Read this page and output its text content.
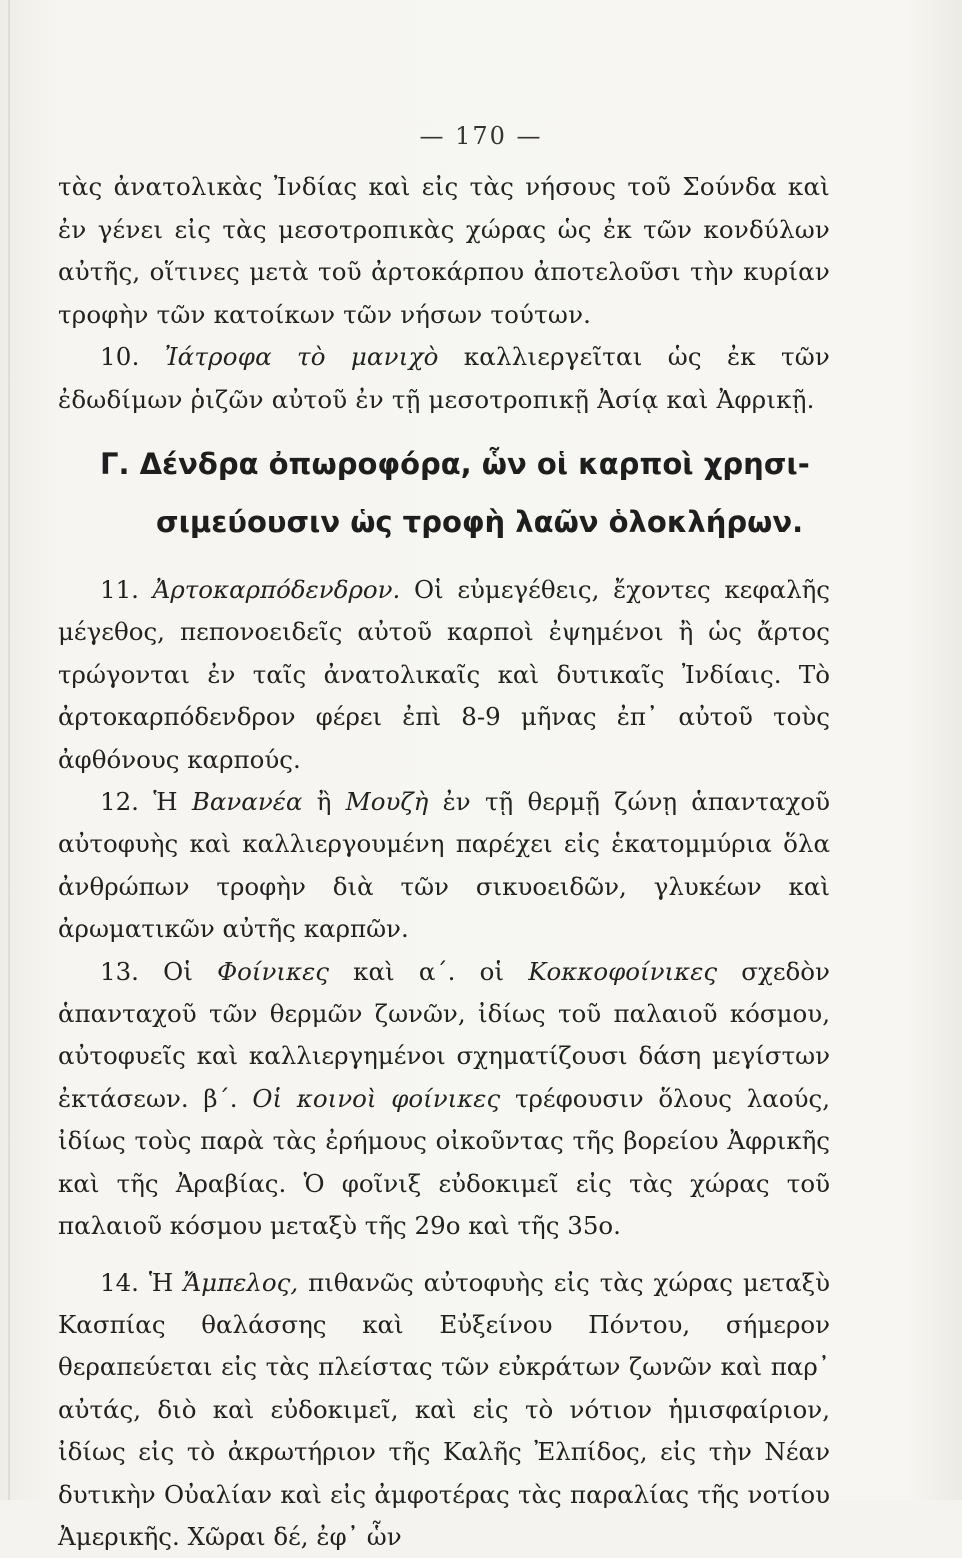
— 170 —

τὰς ἀνατολικὰς Ἰνδίας καὶ εἰς τὰς νήσους τοῦ Σούνδα καὶ ἐν γένει εἰς τὰς μεσοτροπικὰς χώρας ὡς ἐκ τῶν κονδύλων αὐτῆς, οἵτινες μετὰ τοῦ ἀρτοκάρπου ἀποτελοῦσι τὴν κυρίαν τροφὴν τῶν κατοίκων τῶν νήσων τούτων.

10. Ἰάτροφα τὸ μανιχὸ καλλιεργεῖται ὡς ἐκ τῶν ἐδωδίμων ῥιζῶν αὐτοῦ ἐν τῇ μεσοτροπικῇ Ἀσίᾳ καὶ Ἀφρικῇ.

Γ. Δένδρα ὀπωροφόρα, ὧν οἱ καρποὶ χρησι-
σιμεύουσιν ὡς τροφὴ λαῶν ὁλοκλήρων.

11. Ἀρτοκαρπόδενδρον. Οἱ εὐμεγέθεις, ἔχοντες κεφαλῆς μέγεθος, πεπονοειδεῖς αὐτοῦ καρποὶ ἐψημένοι ἢ ὡς ἄρτος τρώγονται ἐν ταῖς ἀνατολικαῖς καὶ δυτικαῖς Ἰνδίαις. Τὸ ἀρτοκαρπόδενδρον φέρει ἐπὶ 8-9 μῆνας ἐπ᾽ αὐτοῦ τοὺς ἀφθόνους καρπούς.

12. Ἡ Βανανέα ἢ Μουζὴ ἐν τῇ θερμῇ ζώνῃ ἁπανταχοῦ αὐτοφυὴς καὶ καλλιεργουμένη παρέχει εἰς ἑκατομμύρια ὅλα ἀνθρώπων τροφὴν διὰ τῶν σικυοειδῶν, γλυκέων καὶ ἀρωματικῶν αὐτῆς καρπῶν.

13. Οἱ Φοίνικες καὶ α΄. οἱ Κοκκοφοίνικες σχεδὸν ἁπανταχοῦ τῶν θερμῶν ζωνῶν, ἰδίως τοῦ παλαιοῦ κόσμου, αὐτοφυεῖς καὶ καλλιεργημένοι σχηματίζουσι δάση μεγίστων ἐκτάσεων. β΄. Οἱ κοινοὶ φοίνικες τρέφουσιν ὅλους λαούς, ἰδίως τοὺς παρὰ τὰς ἐρήμους οἰκοῦντας τῆς βορείου Ἀφρικῆς καὶ τῆς Ἀραβίας. Ὁ φοῖνιξ εὐδοκιμεῖ εἰς τὰς χώρας τοῦ παλαιοῦ κόσμου μεταξὺ τῆς 29ο καὶ τῆς 35ο.

14. Ἡ Ἄμπελος, πιθανῶς αὐτοφυὴς εἰς τὰς χώρας μεταξὺ Κασπίας θαλάσσης καὶ Εὐξείνου Πόντου, σήμερον θεραπεύεται εἰς τὰς πλείστας τῶν εὐκράτων ζωνῶν καὶ παρ᾽ αὐτάς, διὸ καὶ εὐδοκιμεῖ, καὶ εἰς τὸ νότιον ἡμισφαίριον, ἰδίως εἰς τὸ ἀκρωτήριον τῆς Καλῆς Ἐλπίδος, εἰς τὴν Νέαν δυτικὴν Οὐαλίαν καὶ εἰς ἀμφοτέρας τὰς παραλίας τῆς νοτίου Ἀμερικῆς. Χῶραι δέ, ἐφ᾽ ὧν
